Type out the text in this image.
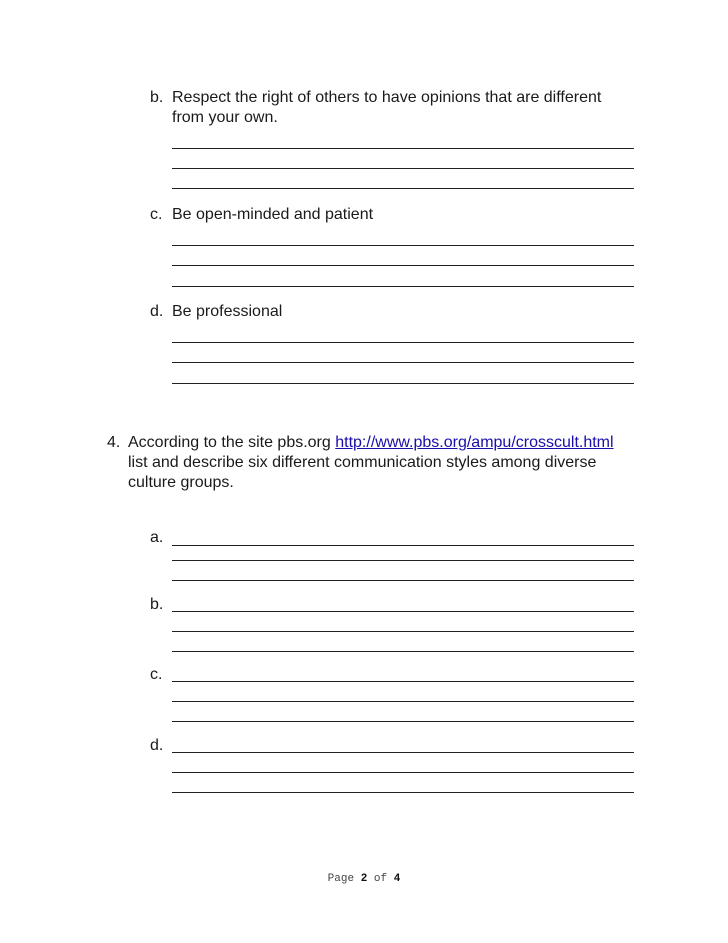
b. Respect the right of others to have opinions that are different
from your own.
c. Be open-minded and patient
d. Be professional
4. According to the site pbs.org http://www.pbs.org/ampu/crosscult.html
list and describe six different communication styles among diverse
culture groups.
a.
b.
c.
d.
Page 2 of 4
